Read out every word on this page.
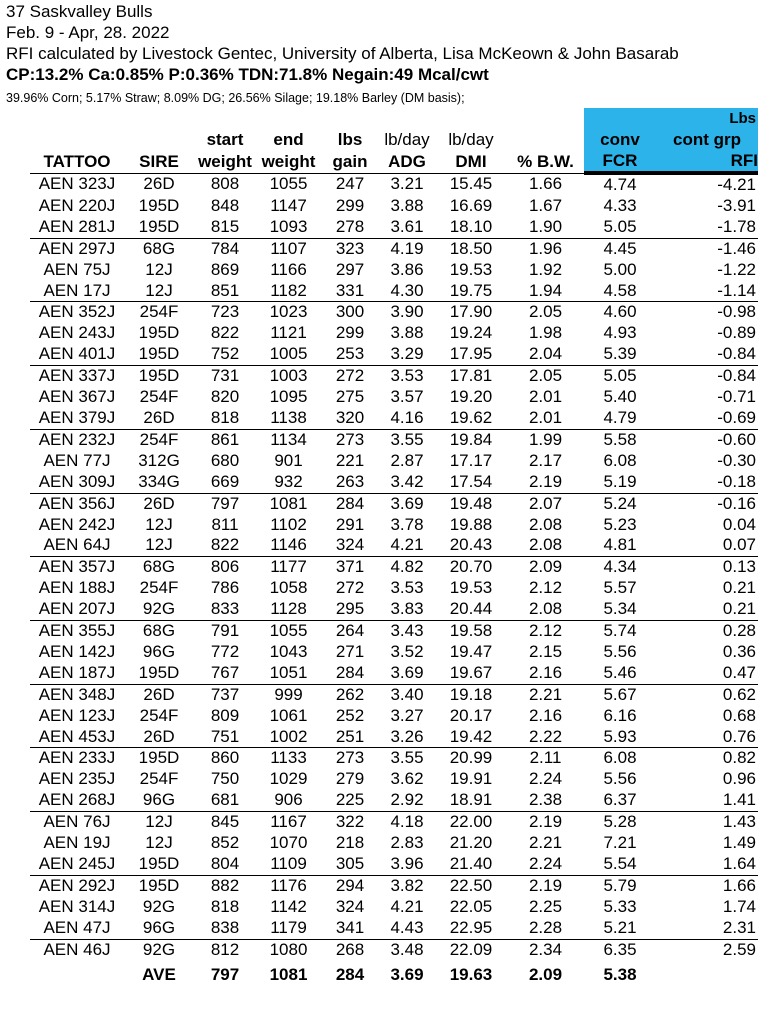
37 Saskvalley Bulls
Feb. 9 - Apr, 28. 2022
RFI calculated by Livestock Gentec, University of Alberta, Lisa McKeown & John Basarab
CP:13.2% Ca:0.85% P:0.36% TDN:71.8% Negain:49 Mcal/cwt
39.96% Corn; 5.17% Straw; 8.09% DG; 26.56% Silage; 19.18% Barley (DM basis);
									Lbs
		start	end	lbs	lb/day	lb/day		conv	cont grp
TATTOO	SIRE	weight	weight	gain	ADG	DMI	% B.W.	FCR	RFI
AEN 323J	26D	808	1055	247	3.21	15.45	1.66	4.74	-4.21
AEN 220J	195D	848	1147	299	3.88	16.69	1.67	4.33	-3.91
AEN 281J	195D	815	1093	278	3.61	18.10	1.90	5.05	-1.78
AEN 297J	68G	784	1107	323	4.19	18.50	1.96	4.45	-1.46
AEN 75J	12J	869	1166	297	3.86	19.53	1.92	5.00	-1.22
AEN 17J	12J	851	1182	331	4.30	19.75	1.94	4.58	-1.14
AEN 352J	254F	723	1023	300	3.90	17.90	2.05	4.60	-0.98
AEN 243J	195D	822	1121	299	3.88	19.24	1.98	4.93	-0.89
AEN 401J	195D	752	1005	253	3.29	17.95	2.04	5.39	-0.84
AEN 337J	195D	731	1003	272	3.53	17.81	2.05	5.05	-0.84
AEN 367J	254F	820	1095	275	3.57	19.20	2.01	5.40	-0.71
AEN 379J	26D	818	1138	320	4.16	19.62	2.01	4.79	-0.69
AEN 232J	254F	861	1134	273	3.55	19.84	1.99	5.58	-0.60
AEN 77J	312G	680	901	221	2.87	17.17	2.17	6.08	-0.30
AEN 309J	334G	669	932	263	3.42	17.54	2.19	5.19	-0.18
AEN 356J	26D	797	1081	284	3.69	19.48	2.07	5.24	-0.16
AEN 242J	12J	811	1102	291	3.78	19.88	2.08	5.23	0.04
AEN 64J	12J	822	1146	324	4.21	20.43	2.08	4.81	0.07
AEN 357J	68G	806	1177	371	4.82	20.70	2.09	4.34	0.13
AEN 188J	254F	786	1058	272	3.53	19.53	2.12	5.57	0.21
AEN 207J	92G	833	1128	295	3.83	20.44	2.08	5.34	0.21
AEN 355J	68G	791	1055	264	3.43	19.58	2.12	5.74	0.28
AEN 142J	96G	772	1043	271	3.52	19.47	2.15	5.56	0.36
AEN 187J	195D	767	1051	284	3.69	19.67	2.16	5.46	0.47
AEN 348J	26D	737	999	262	3.40	19.18	2.21	5.67	0.62
AEN 123J	254F	809	1061	252	3.27	20.17	2.16	6.16	0.68
AEN 453J	26D	751	1002	251	3.26	19.42	2.22	5.93	0.76
AEN 233J	195D	860	1133	273	3.55	20.99	2.11	6.08	0.82
AEN 235J	254F	750	1029	279	3.62	19.91	2.24	5.56	0.96
AEN 268J	96G	681	906	225	2.92	18.91	2.38	6.37	1.41
AEN 76J	12J	845	1167	322	4.18	22.00	2.19	5.28	1.43
AEN 19J	12J	852	1070	218	2.83	21.20	2.21	7.21	1.49
AEN 245J	195D	804	1109	305	3.96	21.40	2.24	5.54	1.64
AEN 292J	195D	882	1176	294	3.82	22.50	2.19	5.79	1.66
AEN 314J	92G	818	1142	324	4.21	22.05	2.25	5.33	1.74
AEN 47J	96G	838	1179	341	4.43	22.95	2.28	5.21	2.31
AEN 46J	92G	812	1080	268	3.48	22.09	2.34	6.35	2.59
	AVE	797	1081	284	3.69	19.63	2.09	5.38	
